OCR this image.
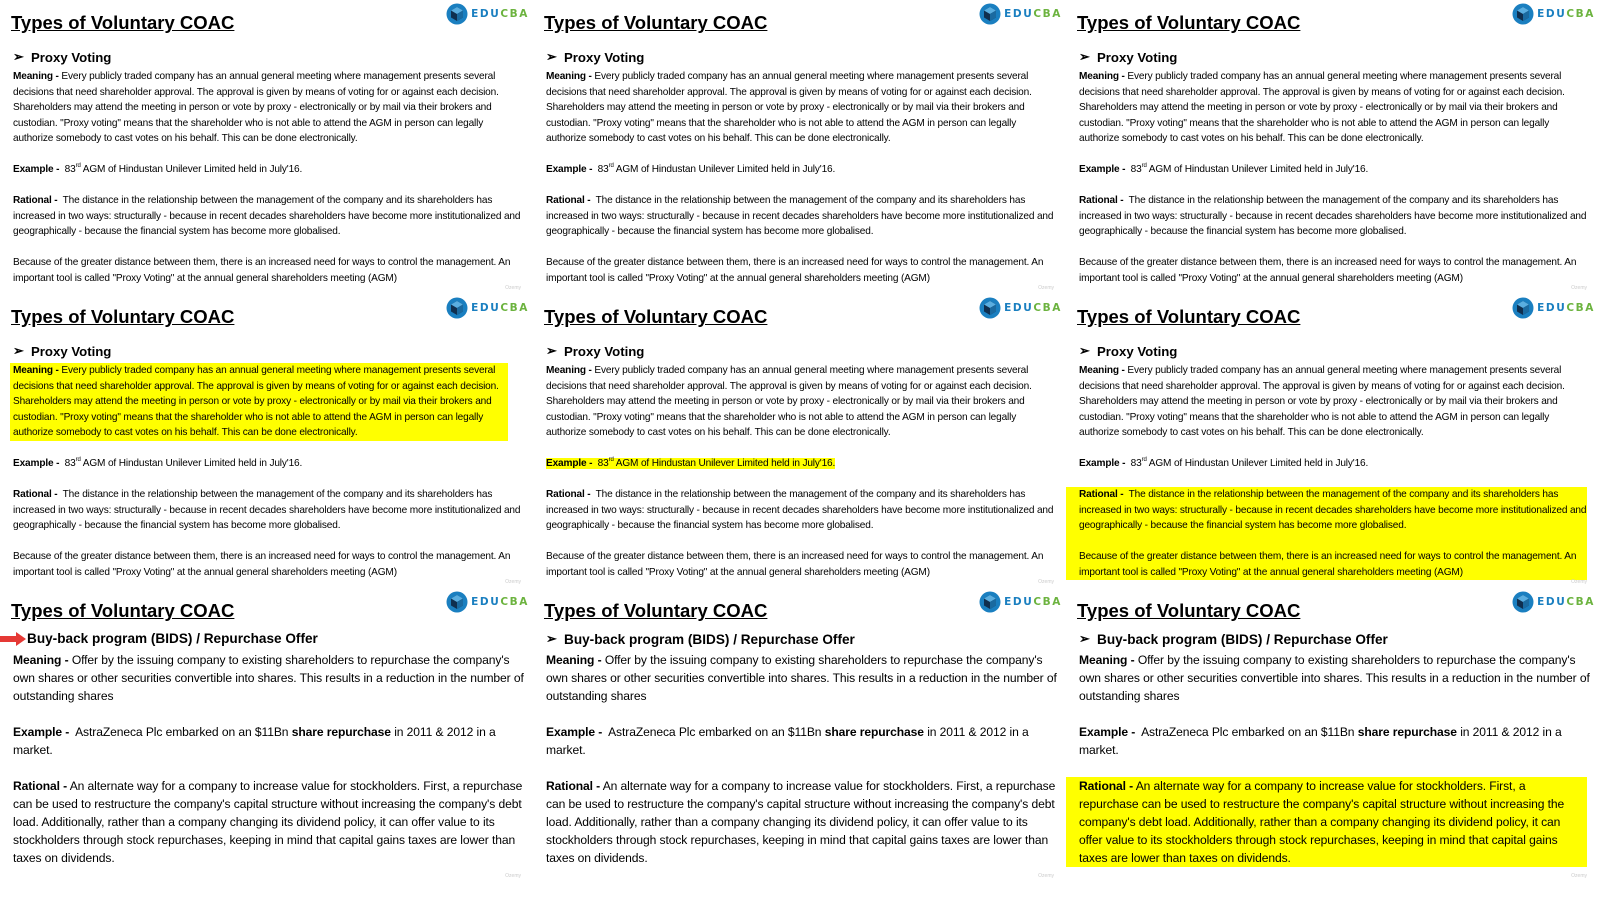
EDUCBA
Types of Voluntary COAC
➢ Proxy Voting
Meaning - Every publicly traded company has an annual general meeting where management presents several decisions that need shareholder approval. The approval is given by means of voting for or against each decision. Shareholders may attend the meeting in person or vote by proxy - electronically or by mail via their brokers and custodian. "Proxy voting" means that the shareholder who is not able to attend the AGM in person can legally authorize somebody to cast votes on his behalf. This can be done electronically.
Example - 83rd AGM of Hindustan Unilever Limited held in July'16.
Rational - The distance in the relationship between the management of the company and its shareholders has increased in two ways: structurally - because in recent decades shareholders have become more institutionalized and geographically - because the financial system has become more globalised.

Because of the greater distance between them, there is an increased need for ways to control the management. An important tool is called "Proxy Voting" at the annual general shareholders meeting (AGM)
Ozemy
EDUCBA
Types of Voluntary COAC
➢ Proxy Voting
Meaning - Every publicly traded company has an annual general meeting where management presents several decisions that need shareholder approval. The approval is given by means of voting for or against each decision. Shareholders may attend the meeting in person or vote by proxy - electronically or by mail via their brokers and custodian. "Proxy voting" means that the shareholder who is not able to attend the AGM in person can legally authorize somebody to cast votes on his behalf. This can be done electronically.
Example - 83rd AGM of Hindustan Unilever Limited held in July'16.
Rational - The distance in the relationship between the management of the company and its shareholders has increased in two ways: structurally - because in recent decades shareholders have become more institutionalized and geographically - because the financial system has become more globalised.

Because of the greater distance between them, there is an increased need for ways to control the management. An important tool is called "Proxy Voting" at the annual general shareholders meeting (AGM)
Ozemy
EDUCBA
Types of Voluntary COAC
➢ Proxy Voting
Meaning - Every publicly traded company has an annual general meeting where management presents several decisions that need shareholder approval. The approval is given by means of voting for or against each decision. Shareholders may attend the meeting in person or vote by proxy - electronically or by mail via their brokers and custodian. "Proxy voting" means that the shareholder who is not able to attend the AGM in person can legally authorize somebody to cast votes on his behalf. This can be done electronically.
Example - 83rd AGM of Hindustan Unilever Limited held in July'16.
Rational - The distance in the relationship between the management of the company and its shareholders has increased in two ways: structurally - because in recent decades shareholders have become more institutionalized and geographically - because the financial system has become more globalised.

Because of the greater distance between them, there is an increased need for ways to control the management. An important tool is called "Proxy Voting" at the annual general shareholders meeting (AGM)
Ozemy
EDUCBA
Types of Voluntary COAC
➢ Proxy Voting
Meaning - Every publicly traded company has an annual general meeting where management presents several decisions that need shareholder approval. The approval is given by means of voting for or against each decision. Shareholders may attend the meeting in person or vote by proxy - electronically or by mail via their brokers and custodian. "Proxy voting" means that the shareholder who is not able to attend the AGM in person can legally authorize somebody to cast votes on his behalf. This can be done electronically.
Example - 83rd AGM of Hindustan Unilever Limited held in July'16.
Rational - The distance in the relationship between the management of the company and its shareholders has increased in two ways: structurally - because in recent decades shareholders have become more institutionalized and geographically - because the financial system has become more globalised.

Because of the greater distance between them, there is an increased need for ways to control the management. An important tool is called "Proxy Voting" at the annual general shareholders meeting (AGM)
Ozemy
EDUCBA
Types of Voluntary COAC
➢ Proxy Voting
Meaning - Every publicly traded company has an annual general meeting where management presents several decisions that need shareholder approval. The approval is given by means of voting for or against each decision. Shareholders may attend the meeting in person or vote by proxy - electronically or by mail via their brokers and custodian. "Proxy voting" means that the shareholder who is not able to attend the AGM in person can legally authorize somebody to cast votes on his behalf. This can be done electronically.
Example - 83rd AGM of Hindustan Unilever Limited held in July'16.
Rational - The distance in the relationship between the management of the company and its shareholders has increased in two ways: structurally - because in recent decades shareholders have become more institutionalized and geographically - because the financial system has become more globalised.

Because of the greater distance between them, there is an increased need for ways to control the management. An important tool is called "Proxy Voting" at the annual general shareholders meeting (AGM)
Ozemy
EDUCBA
Types of Voluntary COAC
➢ Proxy Voting
Meaning - Every publicly traded company has an annual general meeting where management presents several decisions that need shareholder approval. The approval is given by means of voting for or against each decision. Shareholders may attend the meeting in person or vote by proxy - electronically or by mail via their brokers and custodian. "Proxy voting" means that the shareholder who is not able to attend the AGM in person can legally authorize somebody to cast votes on his behalf. This can be done electronically.
Example - 83rd AGM of Hindustan Unilever Limited held in July'16.
Rational - The distance in the relationship between the management of the company and its shareholders has increased in two ways: structurally - because in recent decades shareholders have become more institutionalized and geographically - because the financial system has become more globalised.

Because of the greater distance between them, there is an increased need for ways to control the management. An important tool is called "Proxy Voting" at the annual general shareholders meeting (AGM)
Ozemy
EDUCBA
Types of Voluntary COAC
Buy-back program (BIDS) / Repurchase Offer
Meaning - Offer by the issuing company to existing shareholders to repurchase the company's own shares or other securities convertible into shares. This results in a reduction in the number of outstanding shares
Example - AstraZeneca Plc embarked on an $11Bn share repurchase in 2011 & 2012 in a market.
Rational - An alternate way for a company to increase value for stockholders. First, a repurchase can be used to restructure the company's capital structure without increasing the company's debt load. Additionally, rather than a company changing its dividend policy, it can offer value to its stockholders through stock repurchases, keeping in mind that capital gains taxes are lower than taxes on dividends.
Ozemy
EDUCBA
Types of Voluntary COAC
➢ Buy-back program (BIDS) / Repurchase Offer
Meaning - Offer by the issuing company to existing shareholders to repurchase the company's own shares or other securities convertible into shares. This results in a reduction in the number of outstanding shares
Example - AstraZeneca Plc embarked on an $11Bn share repurchase in 2011 & 2012 in a market.
Rational - An alternate way for a company to increase value for stockholders. First, a repurchase can be used to restructure the company's capital structure without increasing the company's debt load. Additionally, rather than a company changing its dividend policy, it can offer value to its stockholders through stock repurchases, keeping in mind that capital gains taxes are lower than taxes on dividends.
Ozemy
EDUCBA
Types of Voluntary COAC
➢ Buy-back program (BIDS) / Repurchase Offer
Meaning - Offer by the issuing company to existing shareholders to repurchase the company's own shares or other securities convertible into shares. This results in a reduction in the number of outstanding shares
Example - AstraZeneca Plc embarked on an $11Bn share repurchase in 2011 & 2012 in a market.
Rational - An alternate way for a company to increase value for stockholders. First, a repurchase can be used to restructure the company's capital structure without increasing the company's debt load. Additionally, rather than a company changing its dividend policy, it can offer value to its stockholders through stock repurchases, keeping in mind that capital gains taxes are lower than taxes on dividends.
Ozemy
